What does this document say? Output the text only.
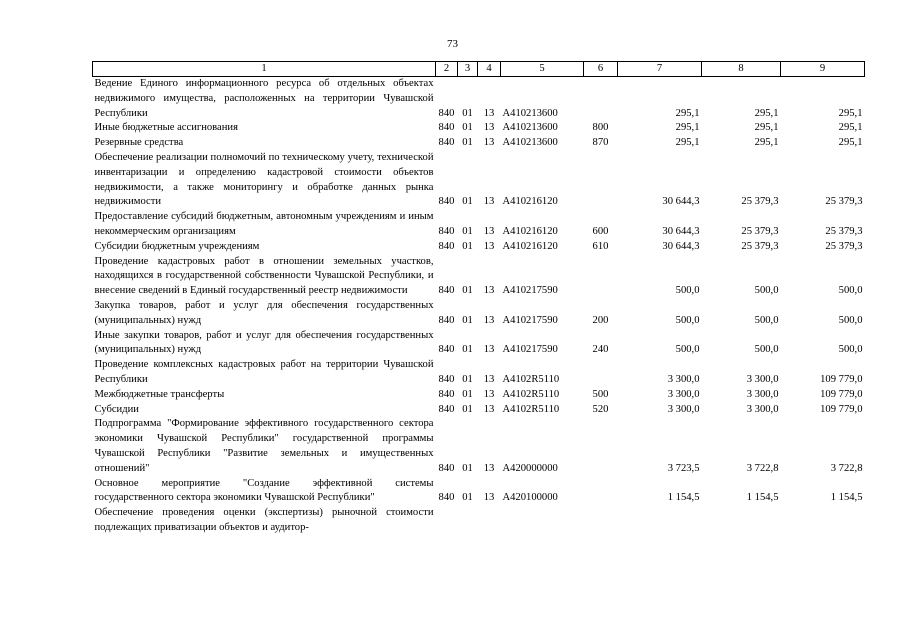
73
1	2	3	4	5	6	7	8	9
Ведение Единого информационного ресурса об отдельных объектах недвижимого имущества, расположенных на территории Чувашской Республики	840	01	13	А410213600		295,1	295,1	295,1
Иные бюджетные ассигнования	840	01	13	А410213600	800	295,1	295,1	295,1
Резервные средства	840	01	13	А410213600	870	295,1	295,1	295,1
Обеспечение реализации полномочий по техническому учету, технической инвентаризации и определению кадастровой стоимости объектов недвижимости, а также мониторингу и обработке данных рынка недвижимости	840	01	13	А410216120		30 644,3	25 379,3	25 379,3
Предоставление субсидий бюджетным, автономным учреждениям и иным некоммерческим организациям	840	01	13	А410216120	600	30 644,3	25 379,3	25 379,3
Субсидии бюджетным учреждениям	840	01	13	А410216120	610	30 644,3	25 379,3	25 379,3
Проведение кадастровых работ в отношении земельных участков, находящихся в государственной собственности Чувашской Республики, и внесение сведений в Единый государственный реестр недвижимости	840	01	13	А410217590		500,0	500,0	500,0
Закупка товаров, работ и услуг для обеспечения государственных (муниципальных) нужд	840	01	13	А410217590	200	500,0	500,0	500,0
Иные закупки товаров, работ и услуг для обеспечения государственных (муниципальных) нужд	840	01	13	А410217590	240	500,0	500,0	500,0
Проведение комплексных кадастровых работ на территории Чувашской Республики	840	01	13	А4102R5110		3 300,0	3 300,0	109 779,0
Межбюджетные трансферты	840	01	13	А4102R5110	500	3 300,0	3 300,0	109 779,0
Субсидии	840	01	13	А4102R5110	520	3 300,0	3 300,0	109 779,0
Подпрограмма "Формирование эффективного государственного сектора экономики Чувашской Республики" государственной программы Чувашской Республики "Развитие земельных и имущественных отношений"	840	01	13	А420000000		3 723,5	3 722,8	3 722,8
Основное мероприятие "Создание эффективной системы государственного сектора экономики Чувашской Республики"	840	01	13	А420100000		1 154,5	1 154,5	1 154,5
Обеспечение проведения оценки (экспертизы) рыночной стоимости подлежащих приватизации объектов и аудитор-								
